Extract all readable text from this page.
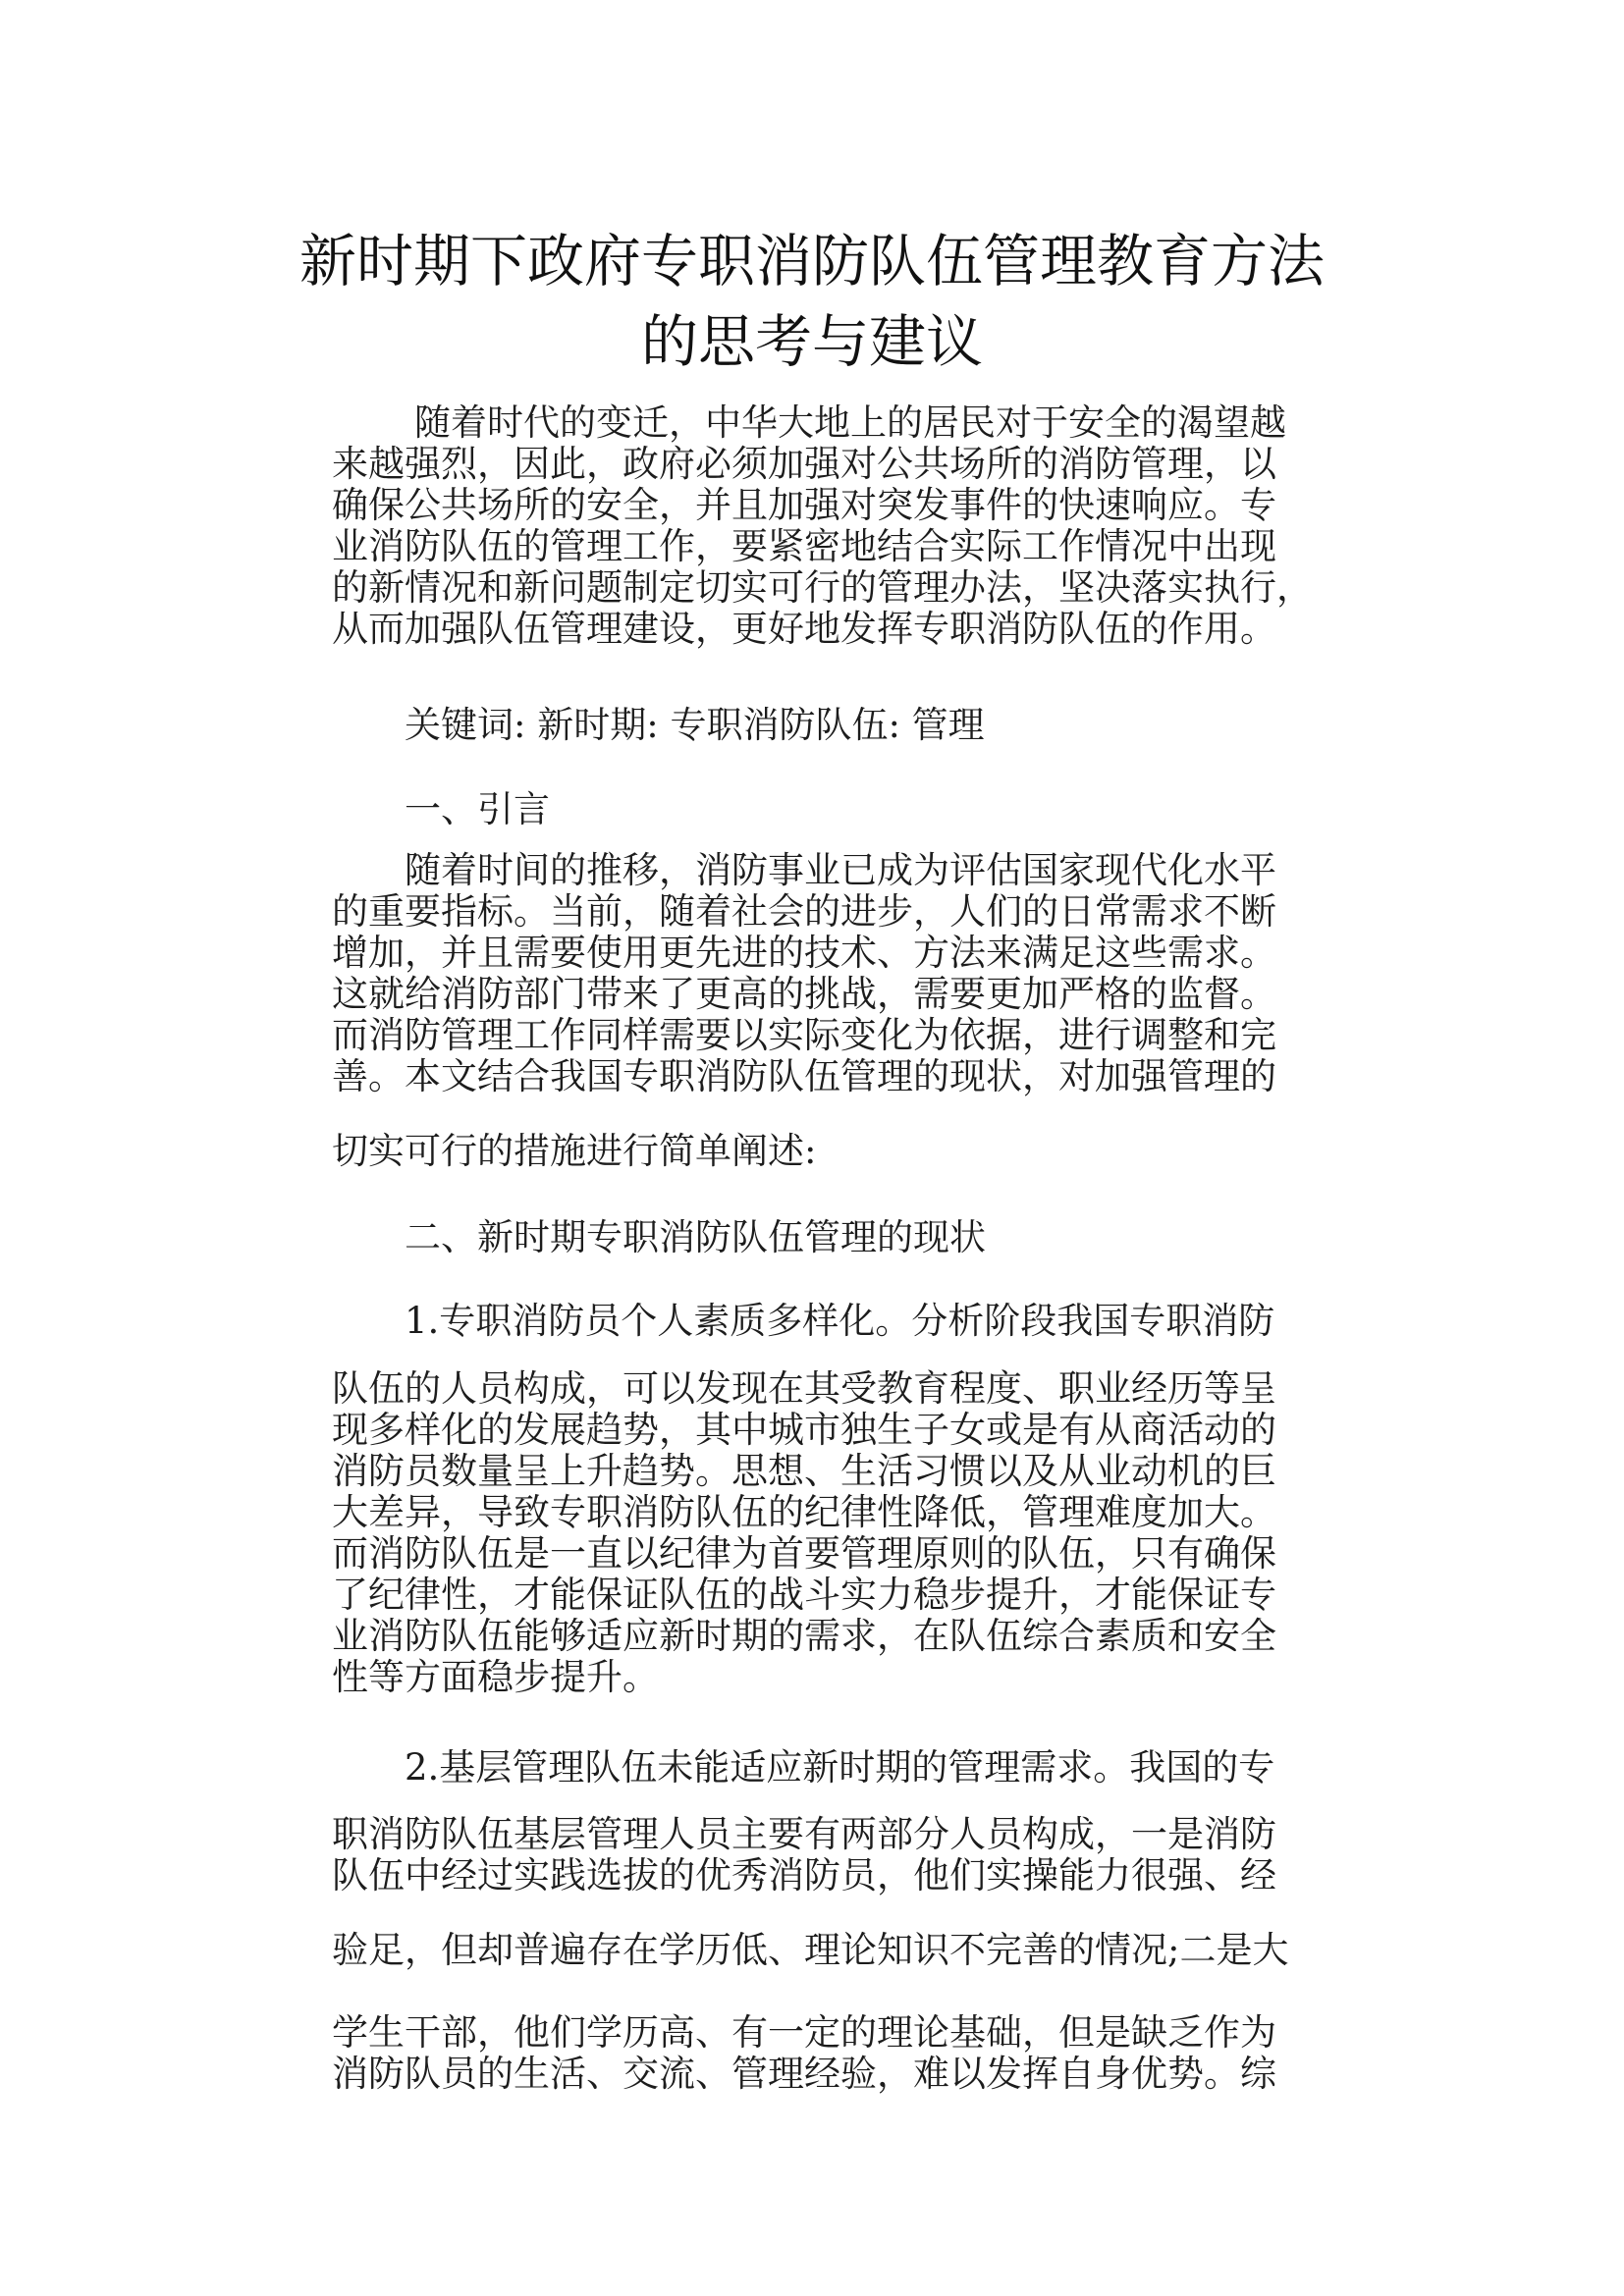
新时期下政府专职消防队伍管理教育方法
的思考与建议

随着时代的变迁，中华大地上的居民对于安全的渴望越
来越强烈，因此，政府必须加强对公共场所的消防管理，以
确保公共场所的安全，并且加强对突发事件的快速响应。专
业消防队伍的管理工作，要紧密地结合实际工作情况中出现
的新情况和新问题制定切实可行的管理办法，坚决落实执行，
从而加强队伍管理建设，更好地发挥专职消防队伍的作用。

关键词: 新时期: 专职消防队伍: 管理

一、引言

随着时间的推移，消防事业已成为评估国家现代化水平
的重要指标。当前，随着社会的进步，人们的日常需求不断
增加，并且需要使用更先进的技术、方法来满足这些需求。
这就给消防部门带来了更高的挑战，需要更加严格的监督。
而消防管理工作同样需要以实际变化为依据，进行调整和完
善。本文结合我国专职消防队伍管理的现状，对加强管理的

切实可行的措施进行简单阐述:

二、新时期专职消防队伍管理的现状

1.专职消防员个人素质多样化。分析阶段我国专职消防

队伍的人员构成，可以发现在其受教育程度、职业经历等呈
现多样化的发展趋势，其中城市独生子女或是有从商活动的
消防员数量呈上升趋势。思想、生活习惯以及从业动机的巨
大差异，导致专职消防队伍的纪律性降低，管理难度加大。
而消防队伍是一直以纪律为首要管理原则的队伍，只有确保
了纪律性，才能保证队伍的战斗实力稳步提升，才能保证专
业消防队伍能够适应新时期的需求，在队伍综合素质和安全
性等方面稳步提升。

2.基层管理队伍未能适应新时期的管理需求。我国的专

职消防队伍基层管理人员主要有两部分人员构成，一是消防
队伍中经过实践选拔的优秀消防员，他们实操能力很强、经

验足，但却普遍存在学历低、理论知识不完善的情况;二是大

学生干部，他们学历高、有一定的理论基础，但是缺乏作为
消防队员的生活、交流、管理经验，难以发挥自身优势。综
